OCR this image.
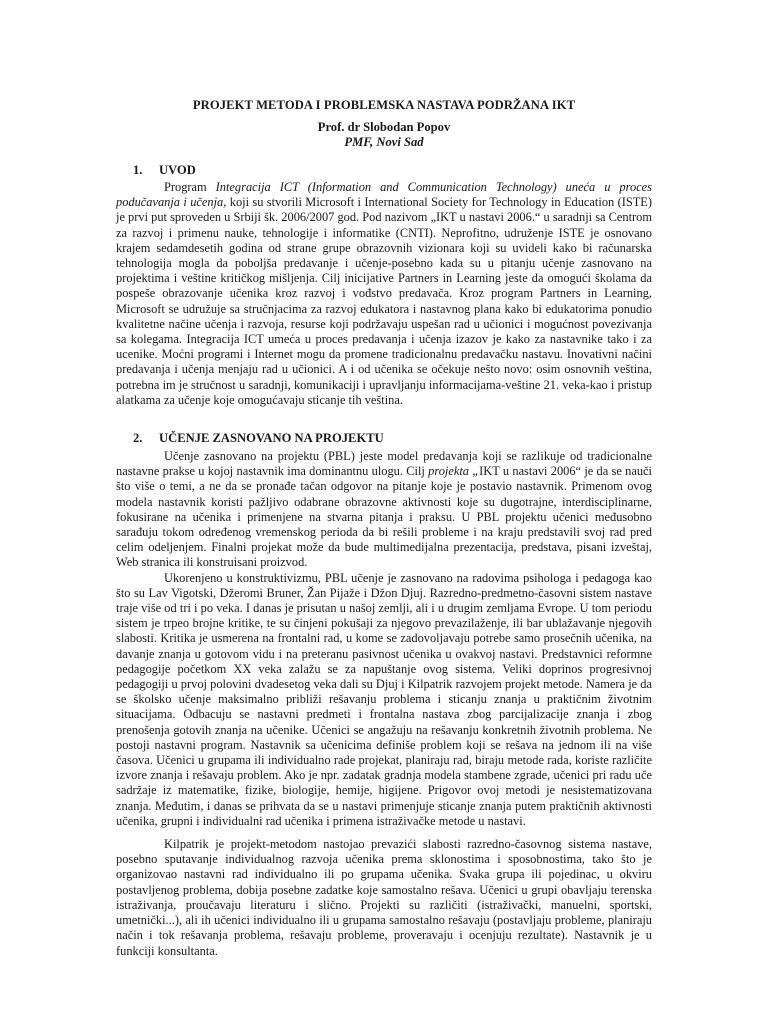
PROJEKT METODA I PROBLEMSKA NASTAVA PODRŽANA IKT
Prof. dr Slobodan Popov
PMF, Novi Sad
1. UVOD

Program Integracija ICT (Information and Communication Technology) uneća u proces podučavanja i učenja, koji su stvorili Microsoft i International Society for Technology in Education (ISTE) je prvi put sproveden u Srbiji šk. 2006/2007 god. Pod nazivom „IKT u nastavi 2006.“ u saradnji sa Centrom za razvoj i primenu nauke, tehnologije i informatike (CNTI). Neprofitno, udruženje ISTE je osnovano krajem sedamdesetih godina od strane grupe obrazovnih vizionara koji su uvideli kako bi računarska tehnologija mogla da poboljša predavanje i učenje-posebno kada su u pitanju učenje zasnovano na projektima i veštine kritičkog mišljenja. Cilj inicijative Partners in Learning jeste da omogući školama da pospeše obrazovanje učenika kroz razvoj i vođstvo predavača. Kroz program Partners in Learning, Microsoft se udružuje sa stručnjacima za razvoj edukatora i nastavnog plana kako bi edukatorima ponudio kvalitetne načine učenja i razvoja, resurse koji podržavaju uspešan rad u učionici i mogućnost povezivanja sa kolegama. Integracija ICT umeća u proces predavanja i učenja izazov je kako za nastavnike tako i za ucenike. Moćni programi i Internet mogu da promene tradicionalnu predavačku nastavu. Inovativni načini predavanja i učenja menjaju rad u učionici. A i od učenika se očekuje nešto novo: osim osnovnih veština, potrebna im je stručnost u saradnji, komunikaciji i upravljanju informacijama-veštine 21. veka-kao i pristup alatkama za učenje koje omogućavaju sticanje tih veština.

2. UČENJE ZASNOVANO NA PROJEKTU

Učenje zasnovano na projektu (PBL) jeste model predavanja koji se razlikuje od tradicionalne nastavne prakse u kojoj nastavnik ima dominantnu ulogu. Cilj projekta „IKT u nastavi 2006“ je da se nauči što više o temi, a ne da se pronađe tačan odgovor na pitanje koje je postavio nastavnik. Primenom ovog modela nastavnik koristi pažljivo odabrane obrazovne aktivnosti koje su dugotrajne, interdisciplinarne, fokusirane na učenika i primenjene na stvarna pitanja i praksu. U PBL projektu učenici međusobno sarađuju tokom određenog vremenskog perioda da bi rešili probleme i na kraju predstavili svoj rad pred celim odeljenjem. Finalni projekat može da bude multimedijalna prezentacija, predstava, pisani izveštaj, Web stranica ili konstruisani proizvod.

Ukorenjeno u konstruktivizmu, PBL učenje je zasnovano na radovima psihologa i pedagoga kao što su Lav Vigotski, Džeromi Bruner, Žan Pijaže i Džon Djuj. Razredno-predmetno-časovni sistem nastave traje više od tri i po veka. I danas je prisutan u našoj zemlji, ali i u drugim zemljama Evrope. U tom periodu sistem je trpeo brojne kritike, te su činjeni pokušaji za njegovo prevazilaženje, ili bar ublažavanje njegovih slabosti. Kritika je usmerena na frontalni rad, u kome se zadovoljavaju potrebe samo prosečnih učenika, na davanje znanja u gotovom vidu i na preteranu pasivnost učenika u ovakvoj nastavi. Predstavnici reformne pedagogije početkom XX veka zalažu se za napuštanje ovog sistema. Veliki doprinos progresivnoj pedagogiji u prvoj polovini dvadesetog veka dali su Djuj i Kilpatrik razvojem projekt metode. Namera je da se školsko učenje maksimalno približi rešavanju problema i sticanju znanja u praktičnim životnim situacijama. Odbacuju se nastavni predmeti i frontalna nastava zbog parcijalizacije znanja i zbog prenošenja gotovih znanja na učenike. Učenici se angažuju na rešavanju konkretnih životnih problema. Ne postoji nastavni program. Nastavnik sa učenicima definiše problem koji se rešava na jednom ili na više časova. Učenici u grupama ili individualno rade projekat, planiraju rad, biraju metode rada, koriste različite izvore znanja i rešavaju problem. Ako je npr. zadatak gradnja modela stambene zgrade, učenici pri radu uče sadržaje iz matematike, fizike, biologije, hemije, higijene. Prigovor ovoj metodi je nesistematizovana znanja. Međutim, i danas se prihvata da se u nastavi primenjuje sticanje znanja putem praktičnih aktivnosti učenika, grupni i individualni rad učenika i primena istraživačke metode u nastavi.

Kilpatrik je projekt-metodom nastojao prevazići slabosti razredno-časovnog sistema nastave, posebno sputavanje individualnog razvoja učenika prema sklonostima i sposobnostima, tako što je organizovao nastavni rad individualno ili po grupama učenika. Svaka grupa ili pojedinac, u okviru postavljenog problema, dobija posebne zadatke koje samostalno rešava. Učenici u grupi obavljaju terenska istraživanja, proučavaju literaturu i slično. Projekti su različiti (istraživački, manuelni, sportski, umetnički...), ali ih učenici individualno ili u grupama samostalno rešavaju (postavljaju probleme, planiraju način i tok rešavanja problema, rešavaju probleme, proveravaju i ocenjuju rezultate). Nastavnik je u funkciji konsultanta.
